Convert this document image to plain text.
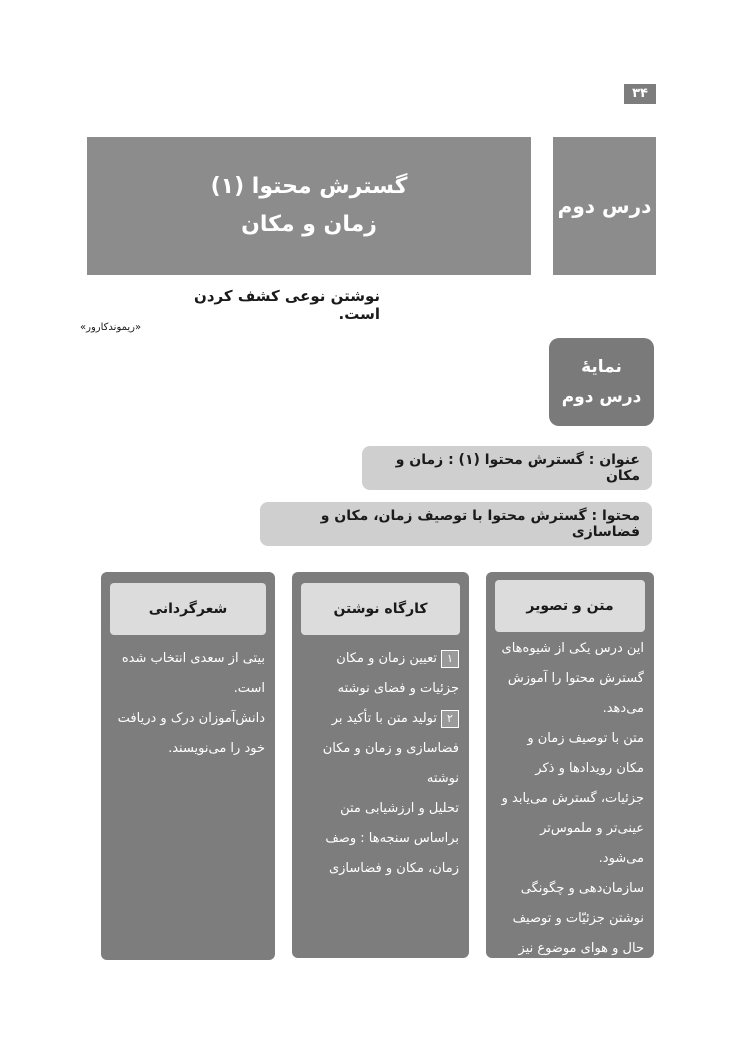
۳۴
درس دوم
گسترش محتوا (۱)
زمان و مکان
نوشتن نوعی کشف کردن است.
«ریموندکارور»
نمایهٔ
درس دوم
عنوان : گسترش محتوا (۱) : زمان و مکان
محتوا : گسترش محتوا با توصیف زمان، مکان و فضاسازی
متن و تصویر

این درس یکی از شیوه‌های گسترش محتوا را آموزش می‌دهد.

متن با توصیف زمان و مکان رویدادها و ذکر جزئیات، گسترش می‌یابد و عینی‌تر و ملموس‌تر می‌شود.

سازمان‌دهی و چگونگی نوشتن جزئیّات و توصیف حال و هوای موضوع نیز بیان می‌شود.

کارگاه نوشتن

۱تعیین زمان و مکان جزئیات و فضای نوشته

۲تولید متن با تأکید بر فضاسازی و زمان و مکان نوشته

تحلیل و ارزشیابی متن براساس سنجه‌ها : وصف زمان، مکان و فضاسازی

شعرگردانی

بیتی از سعدی انتخاب شده است.

دانش‌آموزان درک و دریافت خود را می‌نویسند.
